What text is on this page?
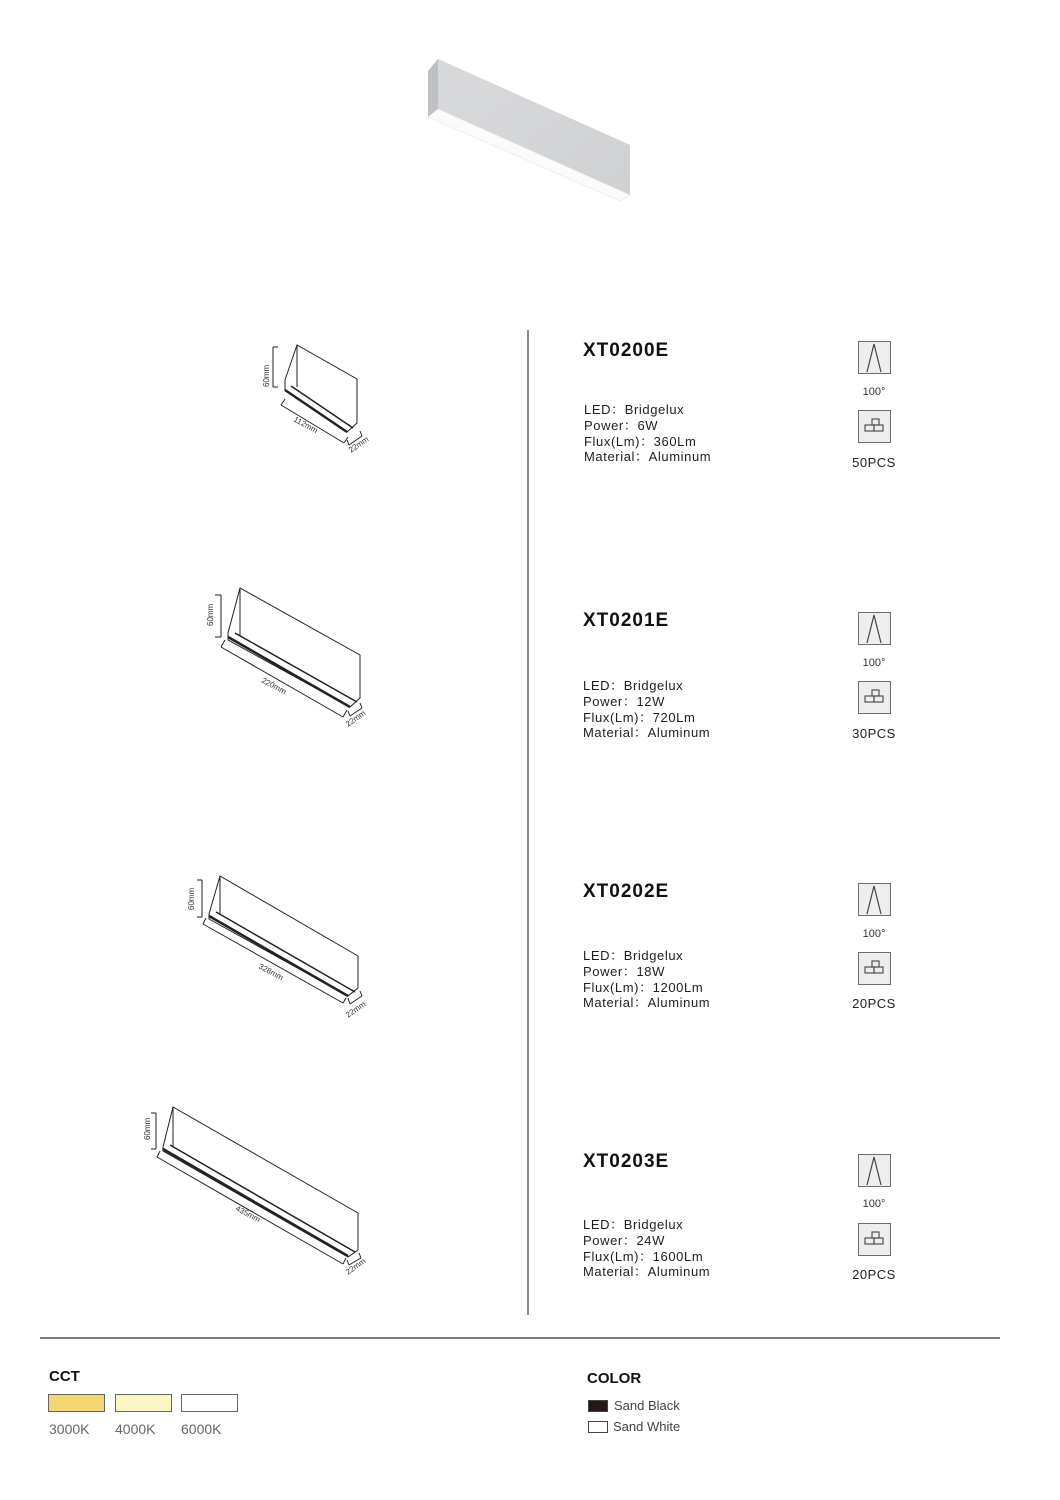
60mm
112mm
22mm
60mm
220mm
22mm
60mm
328mm
22mm
60mm
435mm
22mm
XT0200E
LED：Bridgelux
Power：6W
Flux(Lm)：360Lm
Material：Aluminum
100°
50PCS
XT0201E
LED：Bridgelux
Power：12W
Flux(Lm)：720Lm
Material：Aluminum
100°
30PCS
XT0202E
LED：Bridgelux
Power：18W
Flux(Lm)：1200Lm
Material：Aluminum
100°
20PCS
XT0203E
LED：Bridgelux
Power：24W
Flux(Lm)：1600Lm
Material：Aluminum
100°
20PCS
CCT
3000K 4000K 6000K
COLOR
Sand Black
Sand White
